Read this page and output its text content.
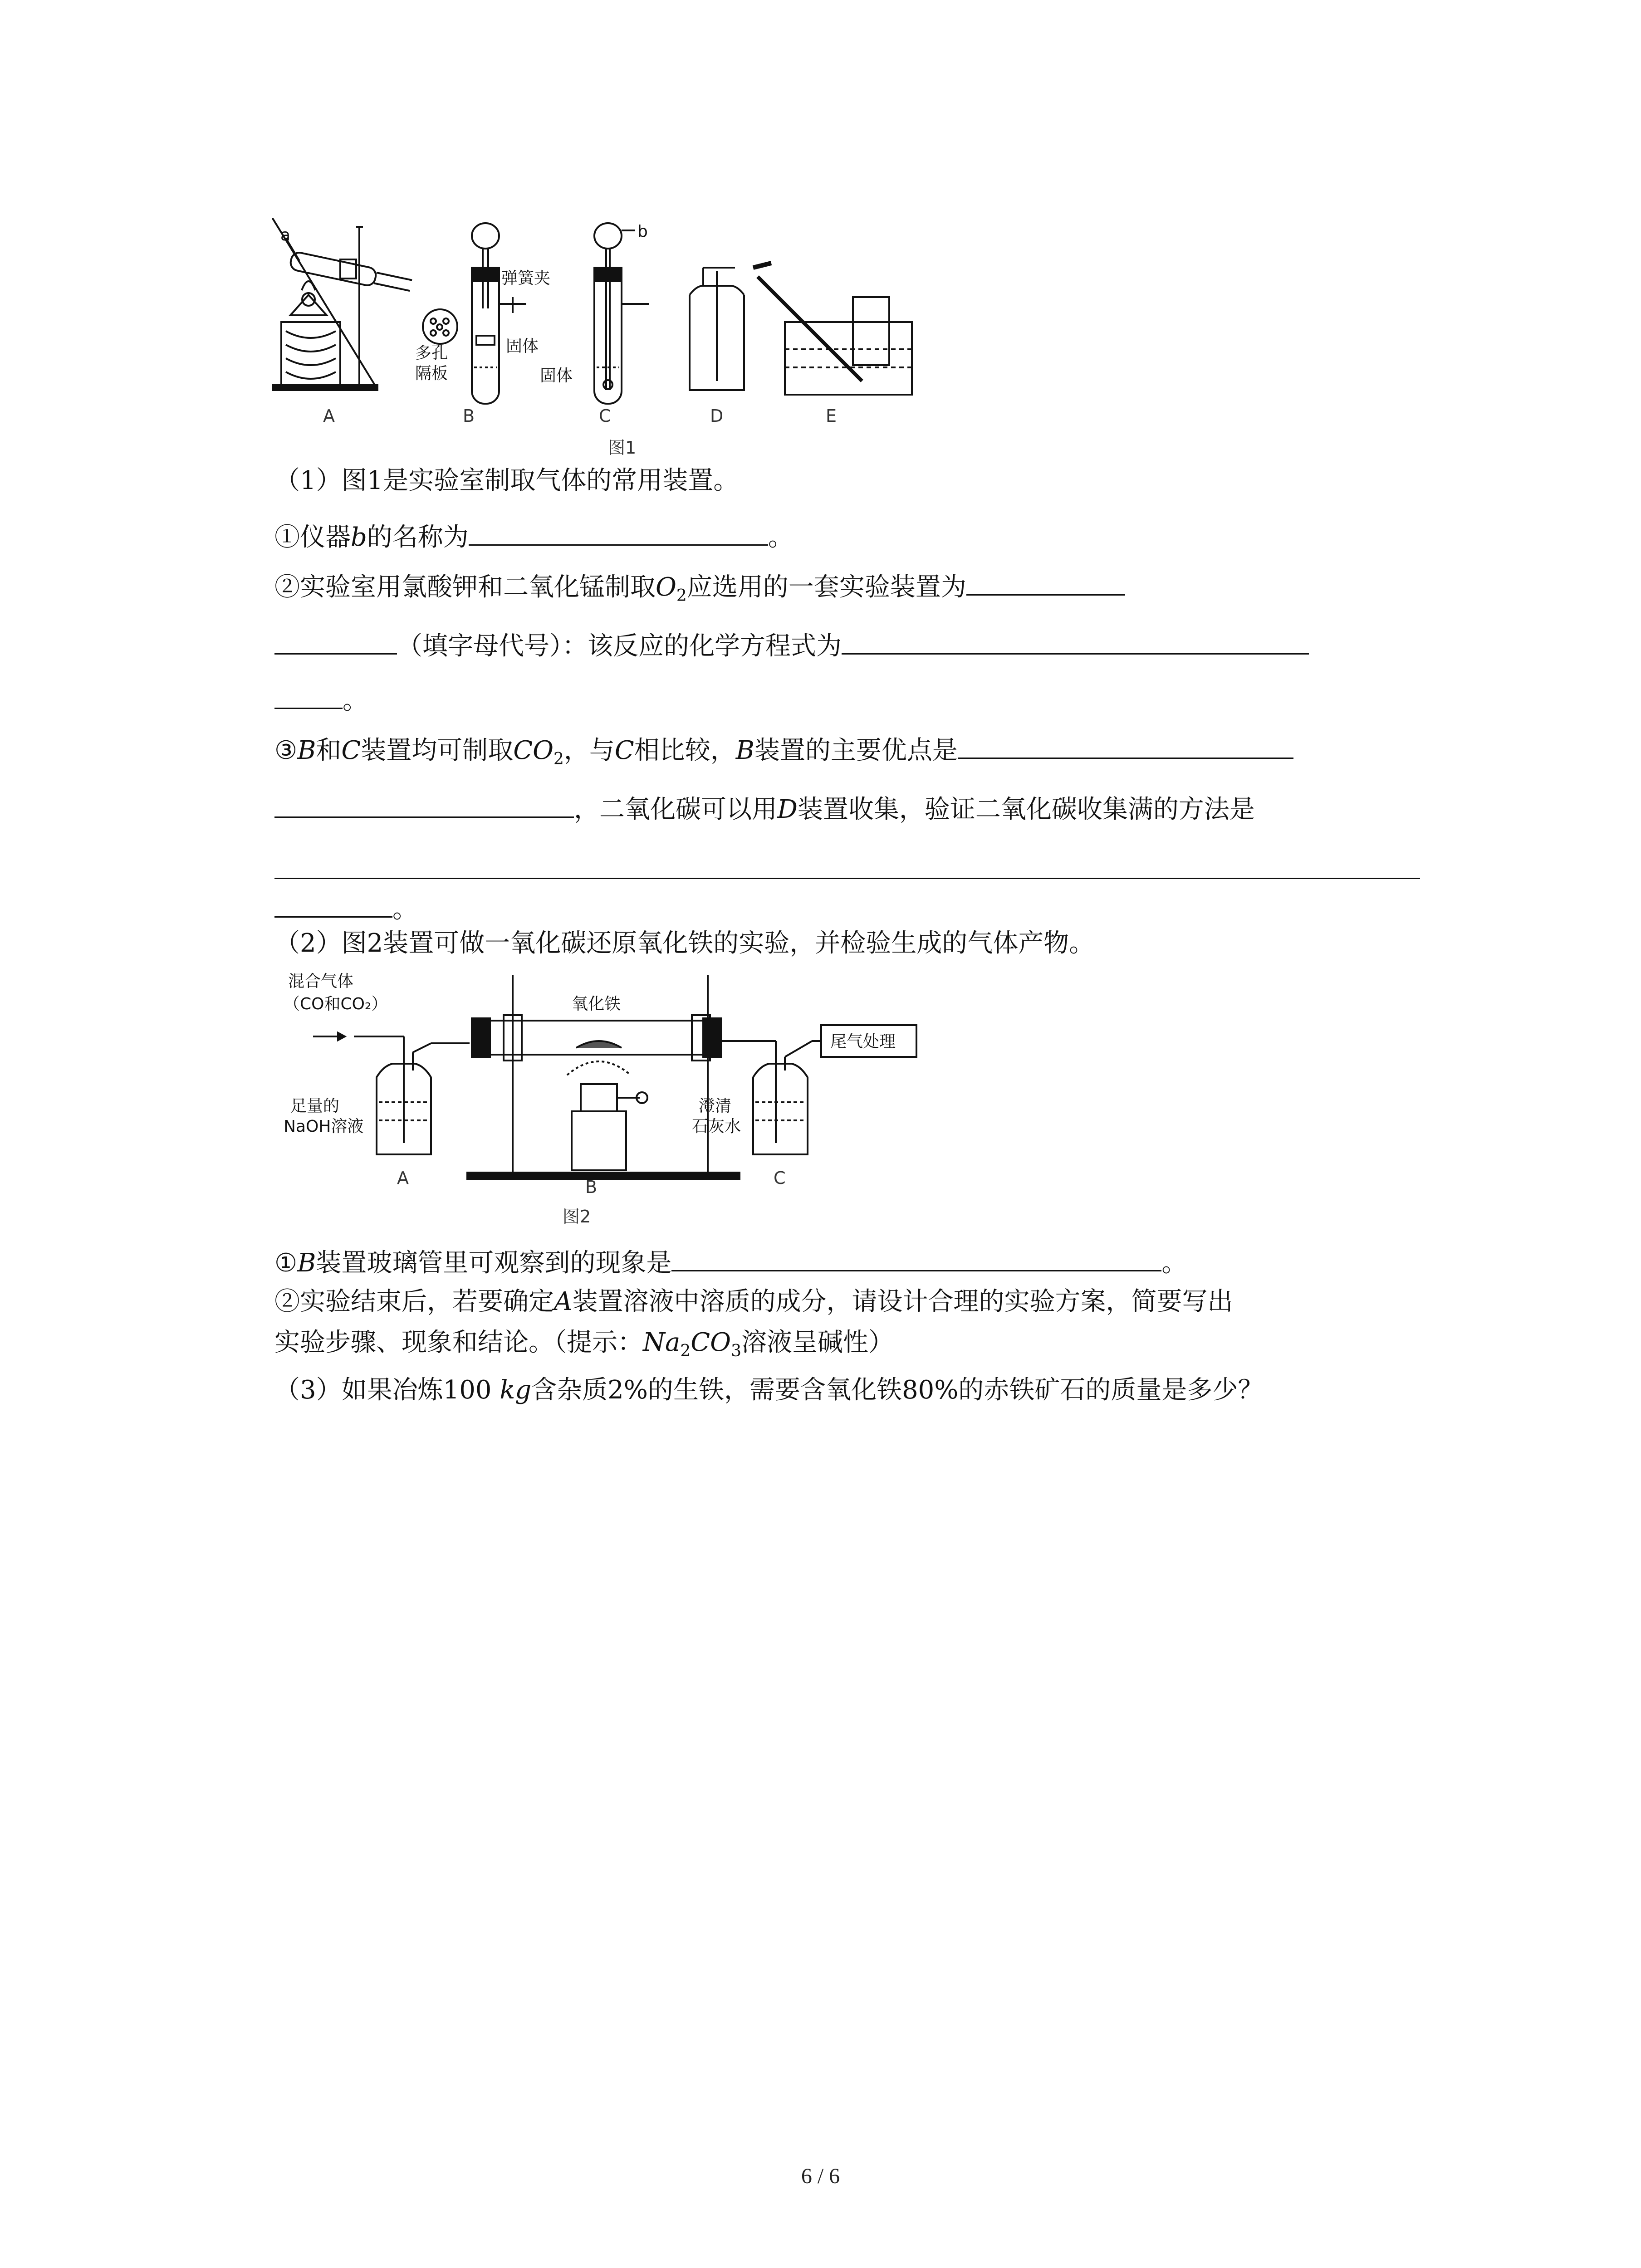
a	b
弹簧夹
固体
固体
多孔
隔板
A	B	C	D	E
图1
（1）图1是实验室制取气体的常用装置。
①仪器b的名称为	。
②实验室用氯酸钾和二氧化锰制取$O_2$应选用的一套实验装置为
（填字母代号）：该反应的化学方程式为
。
③B和C装置均可制取$CO_2$，与C相比较，B装置的主要优点是
，二氧化碳可以用D装置收集，验证二氧化碳收集满的方法是
。
（2）图2装置可做一氧化碳还原氧化铁的实验，并检验生成的气体产物。
混合气体
（CO和CO₂）	氧化铁
尾气处理
足量的
NaOH溶液
澄清
石灰水
A	B	C
图2
①B装置玻璃管里可观察到的现象是	。
②实验结束后，若要确定A装置溶液中溶质的成分，请设计合理的实验方案，简要写出
实验步骤、现象和结论。（提示：$Na_2CO_3$溶液呈碱性）
（3）如果冶炼100 kg含杂质2%的生铁，需要含氧化铁80%的赤铁矿石的质量是多少？
6 / 6
